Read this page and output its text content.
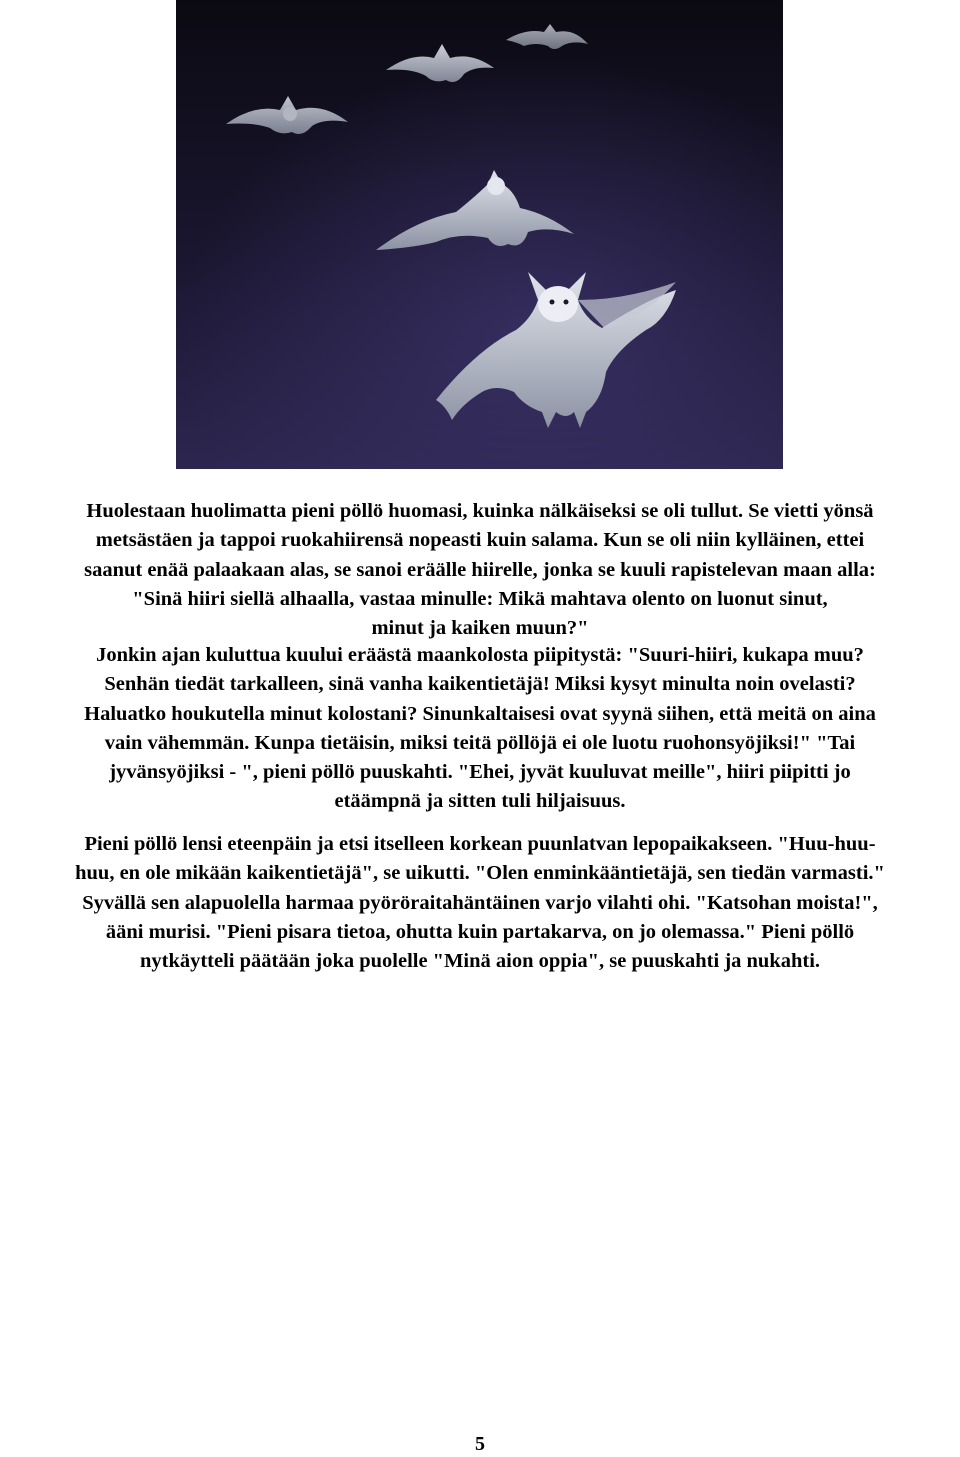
Huolestaan huolimatta pieni pöllö huomasi, kuinka nälkäiseksi se oli tullut. Se vietti yönsä
metsästäen ja tappoi ruokahiirensä nopeasti kuin salama. Kun se oli niin kylläinen, ettei
saanut enää palaakaan alas, se sanoi eräälle hiirelle, jonka se kuuli rapistelevan maan alla:
"Sinä hiiri siellä alhaalla, vastaa minulle: Mikä mahtava olento on luonut sinut,
minut ja kaiken muun?"

Jonkin ajan kuluttua kuului eräästä maankolosta piipitystä: "Suuri-hiiri, kukapa muu?
Senhän tiedät tarkalleen, sinä vanha kaikentietäjä! Miksi kysyt minulta noin ovelasti?
Haluatko houkutella minut kolostani? Sinunkaltaisesi ovat syynä siihen, että meitä on aina
vain vähemmän. Kunpa tietäisin, miksi teitä pöllöjä ei ole luotu ruohonsyöjiksi!" "Tai
jyvänsyöjiksi - ", pieni pöllö puuskahti. "Ehei, jyvät kuuluvat meille", hiiri piipitti jo
etäämpnä ja sitten tuli hiljaisuus.

Pieni pöllö lensi eteenpäin ja etsi itselleen korkean puunlatvan lepopaikakseen. "Huu-huu-
huu, en ole mikään kaikentietäjä", se uikutti. "Olen enminkääntietäjä, sen tiedän varmasti."
Syvällä sen alapuolella harmaa pyöröraitahäntäinen varjo vilahti ohi. "Katsohan moista!",
ääni murisi. "Pieni pisara tietoa, ohutta kuin partakarva, on jo olemassa." Pieni pöllö
nytkäytteli päätään joka puolelle "Minä aion oppia", se puuskahti ja nukahti.

5
